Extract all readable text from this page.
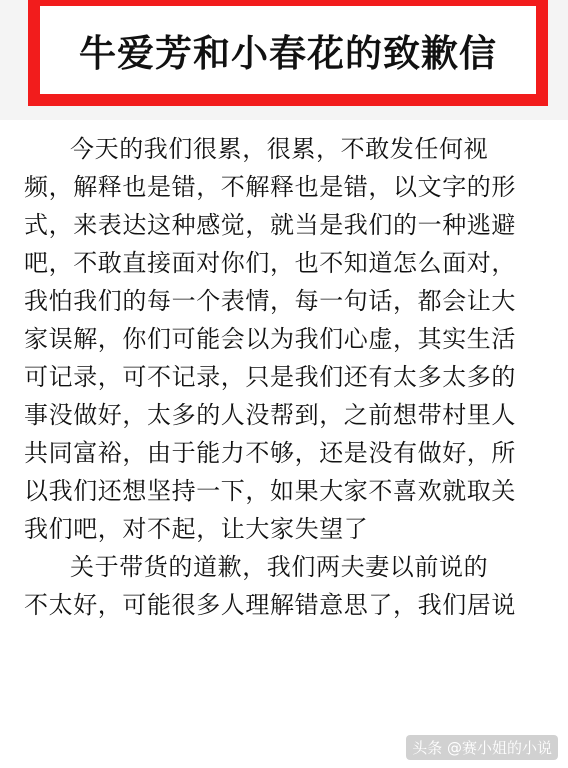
牛爱芳和小春花的致歉信
今天的我们很累，很累，不敢发任何视
频，解释也是错，不解释也是错，以文字的形
式，来表达这种感觉，就当是我们的一种逃避
吧，不敢直接面对你们，也不知道怎么面对，
我怕我们的每一个表情，每一句话，都会让大
家误解，你们可能会以为我们心虚，其实生活
可记录，可不记录，只是我们还有太多太多的
事没做好，太多的人没帮到，之前想带村里人
共同富裕，由于能力不够，还是没有做好，所
以我们还想坚持一下，如果大家不喜欢就取关
我们吧，对不起，让大家失望了
关于带货的道歉，我们两夫妻以前说的
不太好，可能很多人理解错意思了，我们居说
头条 @赛小姐的小说
